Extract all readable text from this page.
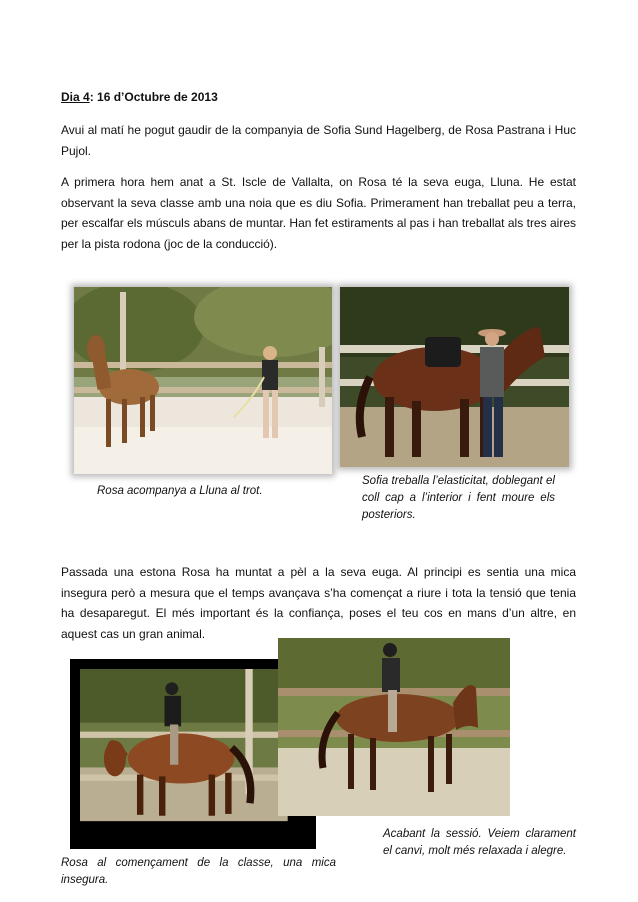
Dia 4: 16 d’Octubre de 2013
Avui al matí he pogut gaudir de la companyia de Sofia Sund Hagelberg, de Rosa Pastrana i Huc Pujol.
A primera hora hem anat a St. Iscle de Vallalta, on Rosa té la seva euga, Lluna. He estat observant la seva classe amb una noia que es diu Sofia. Primerament han treballat peu a terra, per escalfar els músculs abans de muntar. Han fet estiraments al pas i han treballat als tres aires per la pista rodona (joc de la conducció).
Rosa acompanya a Lluna al trot.
Sofia treballa l’elasticitat, doblegant el coll cap a l’interior i fent moure els posteriors.
Passada una estona Rosa ha muntat a pèl a la seva euga. Al principi es sentia una mica insegura però a mesura que el temps avançava s’ha començat a riure i tota la tensió que tenia ha desaparegut. El més important és la confiança, poses el teu cos en mans d’un altre, en aquest cas un gran animal.
Acabant la sessió. Veiem clarament el canvi, molt més relaxada i alegre.
Rosa al començament de la classe, una mica insegura.
